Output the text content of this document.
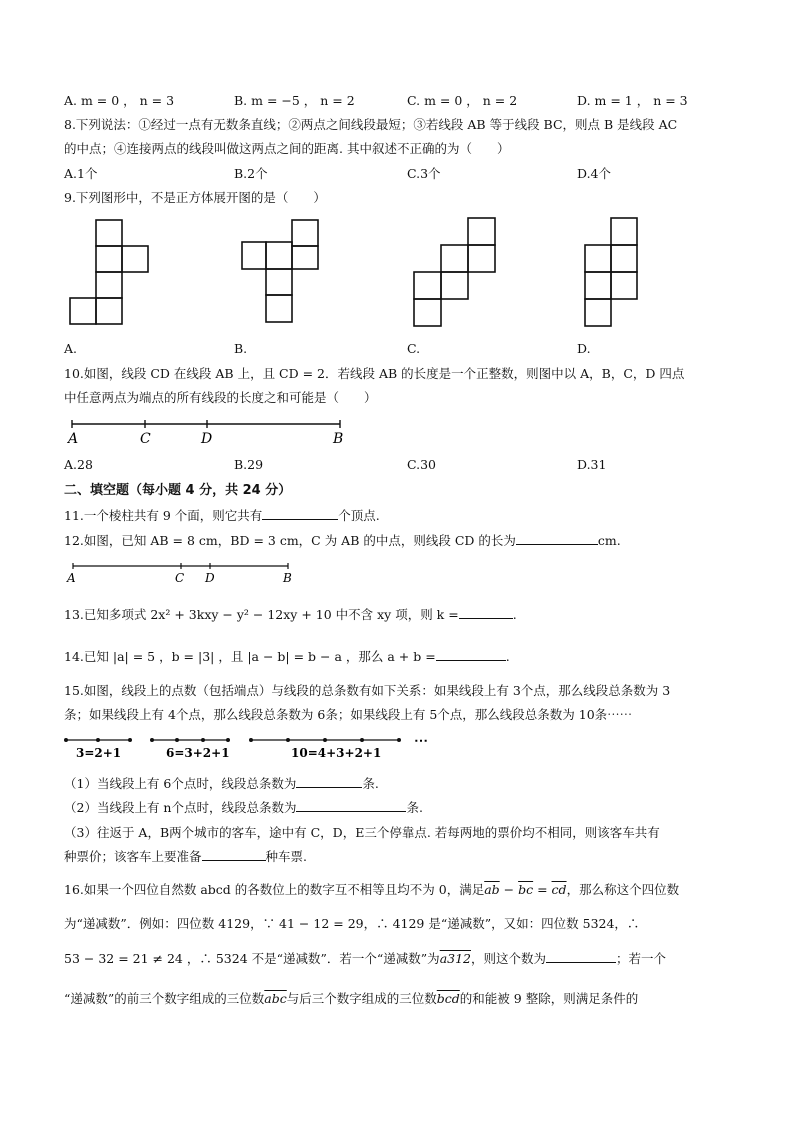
A. m = 0 ， n = 3	B. m = −5 ， n = 2	C. m = 0 ， n = 2	D. m = 1 ， n = 3
8.下列说法：①经过一点有无数条直线；②两点之间线段最短；③若线段 AB 等于线段 BC，则点 B 是线段 AC
的中点；④连接两点的线段叫做这两点之间的距离. 其中叙述不正确的为（　　）
A.1个	B.2个	C.3个	D.4个
9.下列图形中，不是正方体展开图的是（　　）
A.	B.	C.	D.
10.如图，线段 CD 在线段 AB 上，且 CD = 2．若线段 AB 的长度是一个正整数，则图中以 A，B，C，D 四点
中任意两点为端点的所有线段的长度之和可能是（　　）
A	C	D	B
A.28	B.29	C.30	D.31
二、填空题（每小题 4 分，共 24 分）
11.一个棱柱共有 9 个面，则它共有	个顶点.
12.如图，已知 AB = 8 cm，BD = 3 cm，C 为 AB 的中点，则线段 CD 的长为	cm.
A	C D	B
13.已知多项式 2x² + 3kxy − y² − 12xy + 10 中不含 xy 项，则 k =	.
14.已知 |a| = 5 ，b = |3| ，且 |a − b| = b − a ，那么 a + b =	.
15.如图，线段上的点数（包括端点）与线段的总条数有如下关系：如果线段上有 3个点，那么线段总条数为 3
条；如果线段上有 4个点，那么线段总条数为 6条；如果线段上有 5个点，那么线段总条数为 10条⋯⋯
3=2+1	6=3+2+1	10=4+3+2+1
⋯
（1）当线段上有 6个点时，线段总条数为	条.
（2）当线段上有 n个点时，线段总条数为	条.
（3）往返于 A，B两个城市的客车，途中有 C，D，E三个停靠点. 若每两地的票价均不相同，则该客车共有
种票价；该客车上要准备	种车票.
16.如果一个四位自然数 abcd 的各数位上的数字互不相等且均不为 0，满足$\overline{ab} - \overline{bc} = \overline{cd}$，那么称这个四位数
为“递减数”．例如：四位数 4129，∵ 41 − 12 = 29，∴ 4129 是“递减数”，又如：四位数 5324，∴
53 − 32 = 21 ≠ 24 ，∴ 5324 不是“递减数”．若一个“递减数”为a312，则这个数为	；若一个
“递减数”的前三个数字组成的三位数$\overline{abc}$与后三个数字组成的三位数$\overline{bcd}$的和能被 9 整除，则满足条件的
